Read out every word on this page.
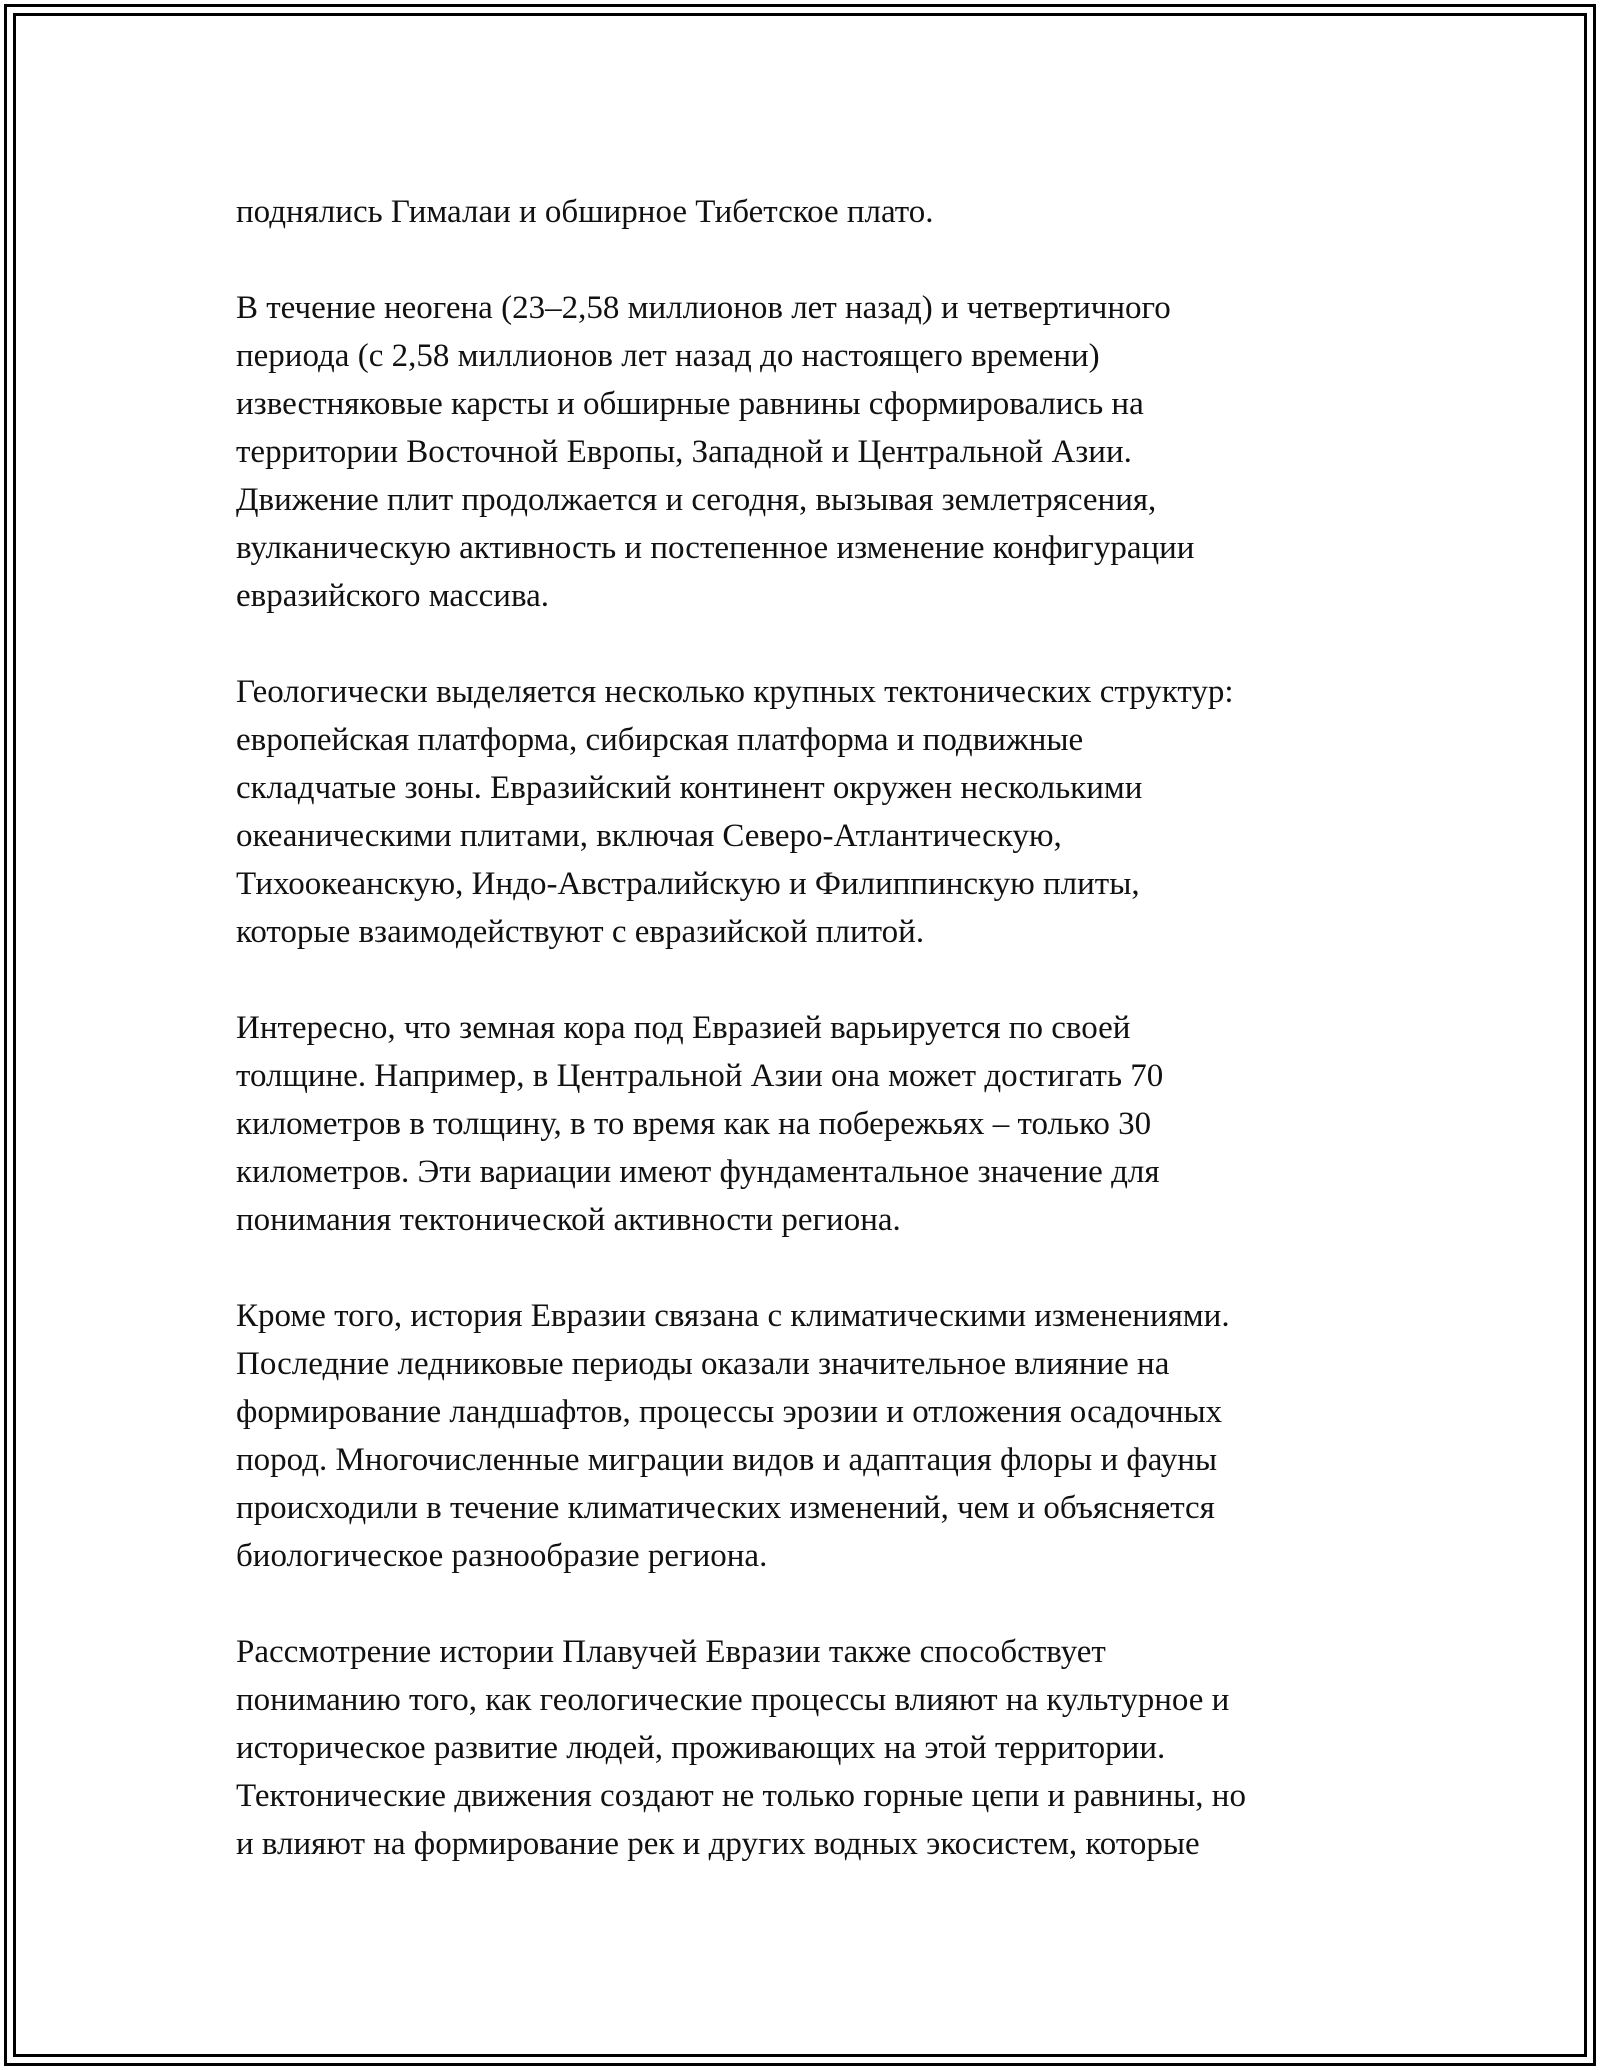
поднялись Гималаи и обширное Тибетское плато.

В течение неогена (23–2,58 миллионов лет назад) и четвертичного
периода (с 2,58 миллионов лет назад до настоящего времени)
известняковые карсты и обширные равнины сформировались на
территории Восточной Европы, Западной и Центральной Азии.
Движение плит продолжается и сегодня, вызывая землетрясения,
вулканическую активность и постепенное изменение конфигурации
евразийского массива.

Геологически выделяется несколько крупных тектонических структур:
европейская платформа, сибирская платформа и подвижные
складчатые зоны. Евразийский континент окружен несколькими
океаническими плитами, включая Северо-Атлантическую,
Тихоокеанскую, Индо-Австралийскую и Филиппинскую плиты,
которые взаимодействуют с евразийской плитой.

Интересно, что земная кора под Евразией варьируется по своей
толщине. Например, в Центральной Азии она может достигать 70
километров в толщину, в то время как на побережьях – только 30
километров. Эти вариации имеют фундаментальное значение для
понимания тектонической активности региона.

Кроме того, история Евразии связана с климатическими изменениями.
Последние ледниковые периоды оказали значительное влияние на
формирование ландшафтов, процессы эрозии и отложения осадочных
пород. Многочисленные миграции видов и адаптация флоры и фауны
происходили в течение климатических изменений, чем и объясняется
биологическое разнообразие региона.

Рассмотрение истории Плавучей Евразии также способствует
пониманию того, как геологические процессы влияют на культурное и
историческое развитие людей, проживающих на этой территории.
Тектонические движения создают не только горные цепи и равнины, но
и влияют на формирование рек и других водных экосистем, которые
